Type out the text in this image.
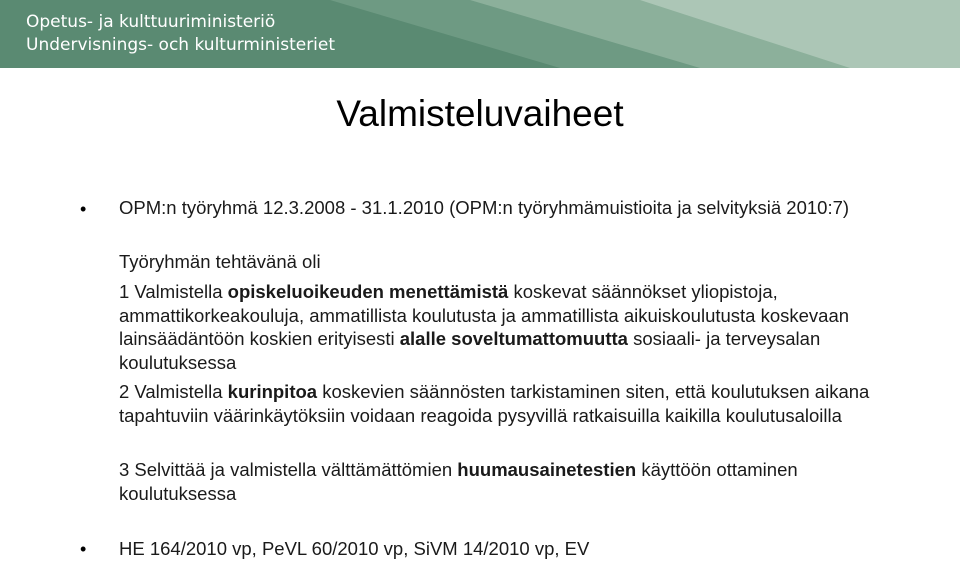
Opetus- ja kulttuuriministeriö
Undervisnings- och kulturministeriet
Valmisteluvaiheet
• OPM:n työryhmä 12.3.2008 - 31.1.2010 (OPM:n työryhmämuistioita ja selvityksiä 2010:7)
Työryhmän tehtävänä oli
1 Valmistella opiskeluoikeuden menettämistä koskevat säännökset yliopistoja, ammattikorkeakouluja, ammatillista koulutusta ja ammatillista aikuiskoulutusta koskevaan lainsäädäntöön koskien erityisesti alalle soveltumattomuutta sosiaali- ja terveysalan koulutuksessa
2 Valmistella kurinpitoa koskevien säännösten tarkistaminen siten, että koulutuksen aikana tapahtuviin väärinkäytöksiin voidaan reagoida pysyvillä ratkaisuilla kaikilla koulutusaloilla
3 Selvittää ja valmistella välttämättömien huumausainetestien käyttöön ottaminen koulutuksessa
• HE 164/2010 vp, PeVL 60/2010 vp, SiVM 14/2010 vp, EV
